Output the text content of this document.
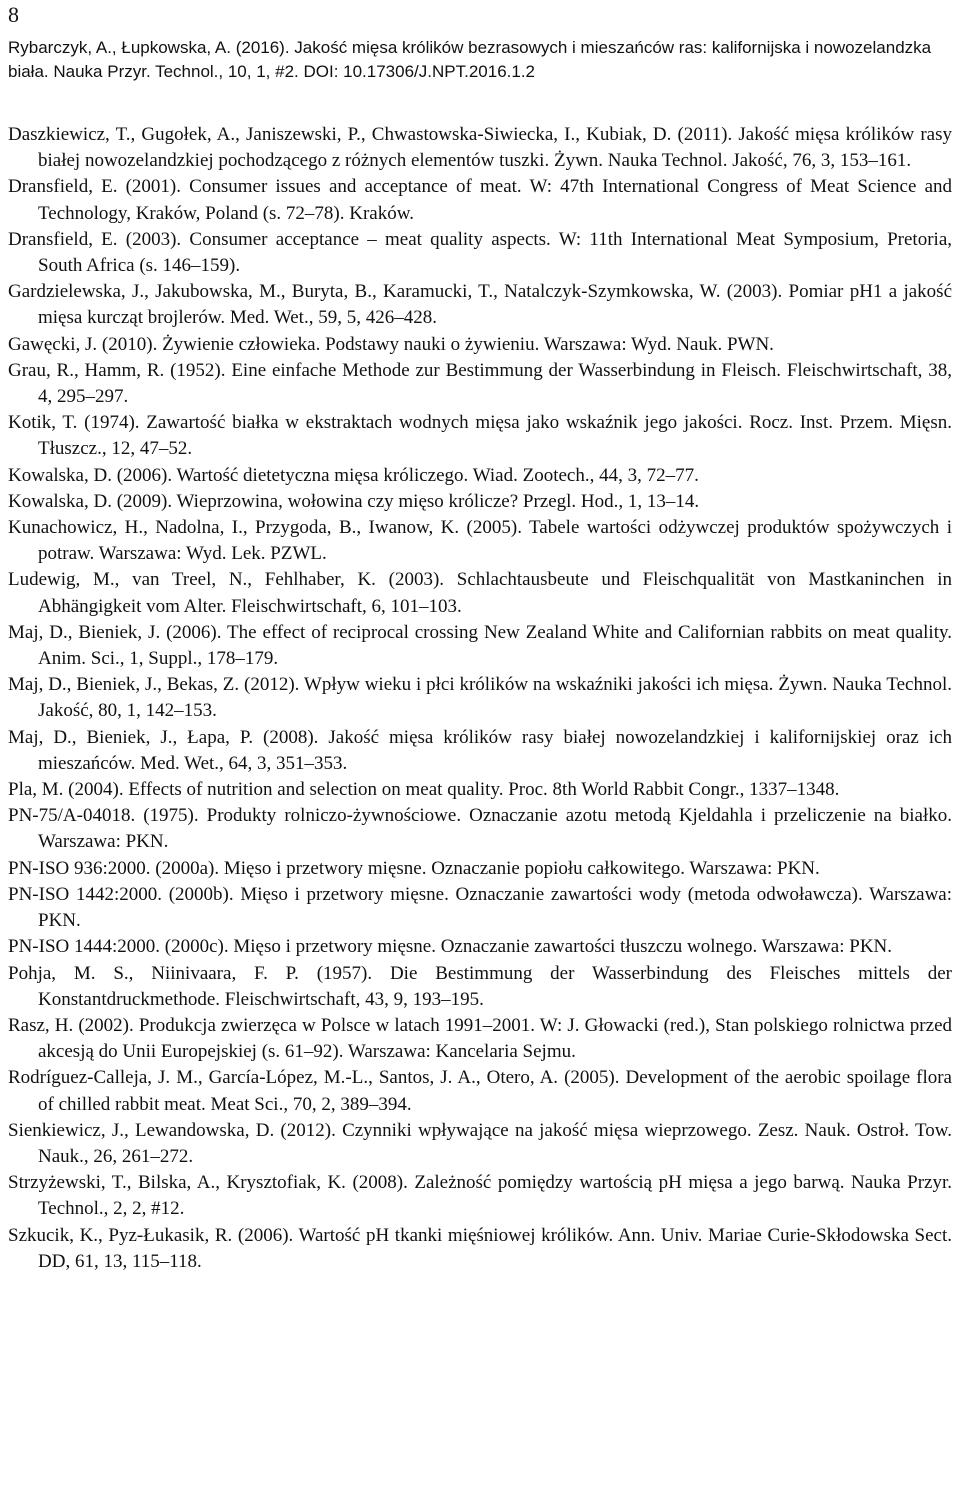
8
Rybarczyk, A., Łupkowska, A. (2016). Jakość mięsa królików bezrasowych i mieszańców ras: kalifornijska i nowozelandzka biała. Nauka Przyr. Technol., 10, 1, #2. DOI: 10.17306/J.NPT.2016.1.2
Daszkiewicz, T., Gugołek, A., Janiszewski, P., Chwastowska-Siwiecka, I., Kubiak, D. (2011). Jakość mięsa królików rasy białej nowozelandzkiej pochodzącego z różnych elementów tuszki. Żywn. Nauka Technol. Jakość, 76, 3, 153–161.
Dransfield, E. (2001). Consumer issues and acceptance of meat. W: 47th International Congress of Meat Science and Technology, Kraków, Poland (s. 72–78). Kraków.
Dransfield, E. (2003). Consumer acceptance – meat quality aspects. W: 11th International Meat Symposium, Pretoria, South Africa (s. 146–159).
Gardzielewska, J., Jakubowska, M., Buryta, B., Karamucki, T., Natalczyk-Szymkowska, W. (2003). Pomiar pH1 a jakość mięsa kurcząt brojlerów. Med. Wet., 59, 5, 426–428.
Gawęcki, J. (2010). Żywienie człowieka. Podstawy nauki o żywieniu. Warszawa: Wyd. Nauk. PWN.
Grau, R., Hamm, R. (1952). Eine einfache Methode zur Bestimmung der Wasserbindung in Fleisch. Fleischwirtschaft, 38, 4, 295–297.
Kotik, T. (1974). Zawartość białka w ekstraktach wodnych mięsa jako wskaźnik jego jakości. Rocz. Inst. Przem. Mięsn. Tłuszcz., 12, 47–52.
Kowalska, D. (2006). Wartość dietetyczna mięsa króliczego. Wiad. Zootech., 44, 3, 72–77.
Kowalska, D. (2009). Wieprzowina, wołowina czy mięso królicze? Przegl. Hod., 1, 13–14.
Kunachowicz, H., Nadolna, I., Przygoda, B., Iwanow, K. (2005). Tabele wartości odżywczej produktów spożywczych i potraw. Warszawa: Wyd. Lek. PZWL.
Ludewig, M., van Treel, N., Fehlhaber, K. (2003). Schlachtausbeute und Fleischqualität von Mastkaninchen in Abhängigkeit vom Alter. Fleischwirtschaft, 6, 101–103.
Maj, D., Bieniek, J. (2006). The effect of reciprocal crossing New Zealand White and Californian rabbits on meat quality. Anim. Sci., 1, Suppl., 178–179.
Maj, D., Bieniek, J., Bekas, Z. (2012). Wpływ wieku i płci królików na wskaźniki jakości ich mięsa. Żywn. Nauka Technol. Jakość, 80, 1, 142–153.
Maj, D., Bieniek, J., Łapa, P. (2008). Jakość mięsa królików rasy białej nowozelandzkiej i kalifornijskiej oraz ich mieszańców. Med. Wet., 64, 3, 351–353.
Pla, M. (2004). Effects of nutrition and selection on meat quality. Proc. 8th World Rabbit Congr., 1337–1348.
PN-75/A-04018. (1975). Produkty rolniczo-żywnościowe. Oznaczanie azotu metodą Kjeldahla i przeliczenie na białko. Warszawa: PKN.
PN-ISO 936:2000. (2000a). Mięso i przetwory mięsne. Oznaczanie popiołu całkowitego. Warszawa: PKN.
PN-ISO 1442:2000. (2000b). Mięso i przetwory mięsne. Oznaczanie zawartości wody (metoda odwoławcza). Warszawa: PKN.
PN-ISO 1444:2000. (2000c). Mięso i przetwory mięsne. Oznaczanie zawartości tłuszczu wolnego. Warszawa: PKN.
Pohja, M. S., Niinivaara, F. P. (1957). Die Bestimmung der Wasserbindung des Fleisches mittels der Konstantdruckmethode. Fleischwirtschaft, 43, 9, 193–195.
Rasz, H. (2002). Produkcja zwierzęca w Polsce w latach 1991–2001. W: J. Głowacki (red.), Stan polskiego rolnictwa przed akcesją do Unii Europejskiej (s. 61–92). Warszawa: Kancelaria Sejmu.
Rodríguez-Calleja, J. M., García-López, M.-L., Santos, J. A., Otero, A. (2005). Development of the aerobic spoilage flora of chilled rabbit meat. Meat Sci., 70, 2, 389–394.
Sienkiewicz, J., Lewandowska, D. (2012). Czynniki wpływające na jakość mięsa wieprzowego. Zesz. Nauk. Ostroł. Tow. Nauk., 26, 261–272.
Strzyżewski, T., Bilska, A., Krysztofiak, K. (2008). Zależność pomiędzy wartością pH mięsa a jego barwą. Nauka Przyr. Technol., 2, 2, #12.
Szkucik, K., Pyz-Łukasik, R. (2006). Wartość pH tkanki mięśniowej królików. Ann. Univ. Mariae Curie-Skłodowska Sect. DD, 61, 13, 115–118.
